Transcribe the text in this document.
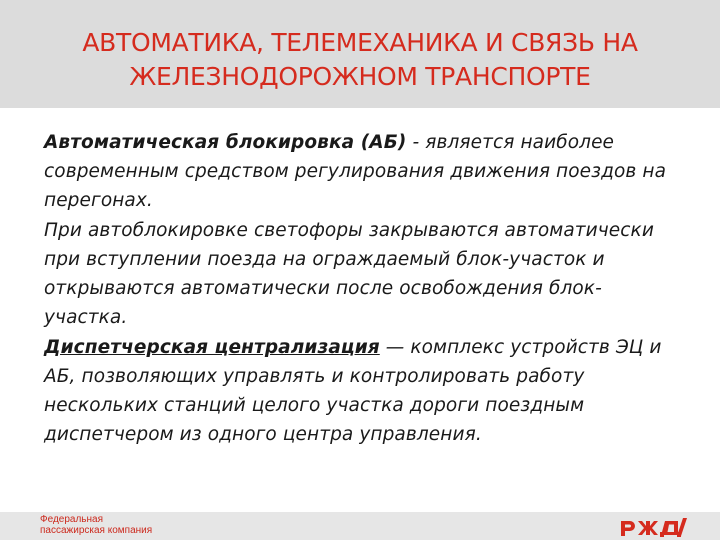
АВТОМАТИКА, ТЕЛЕМЕХАНИКА И СВЯЗЬ НА ЖЕЛЕЗНОДОРОЖНОМ ТРАНСПОРТЕ

Автоматическая блокировка (АБ) - является наиболее современным средством регулирования движения поездов на перегонах.

При автоблокировке светофоры закрываются автоматически при вступлении поезда на ограждаемый блок-участок и открываются автоматически после освобождения блок-участка.

Диспетчерская централизация — комплекс устройств ЭЦ и АБ, позволяющих управлять и контролировать работу нескольких станций целого участка дороги поездным диспетчером из одного центра управления.

Федеральная
пассажирская компания
